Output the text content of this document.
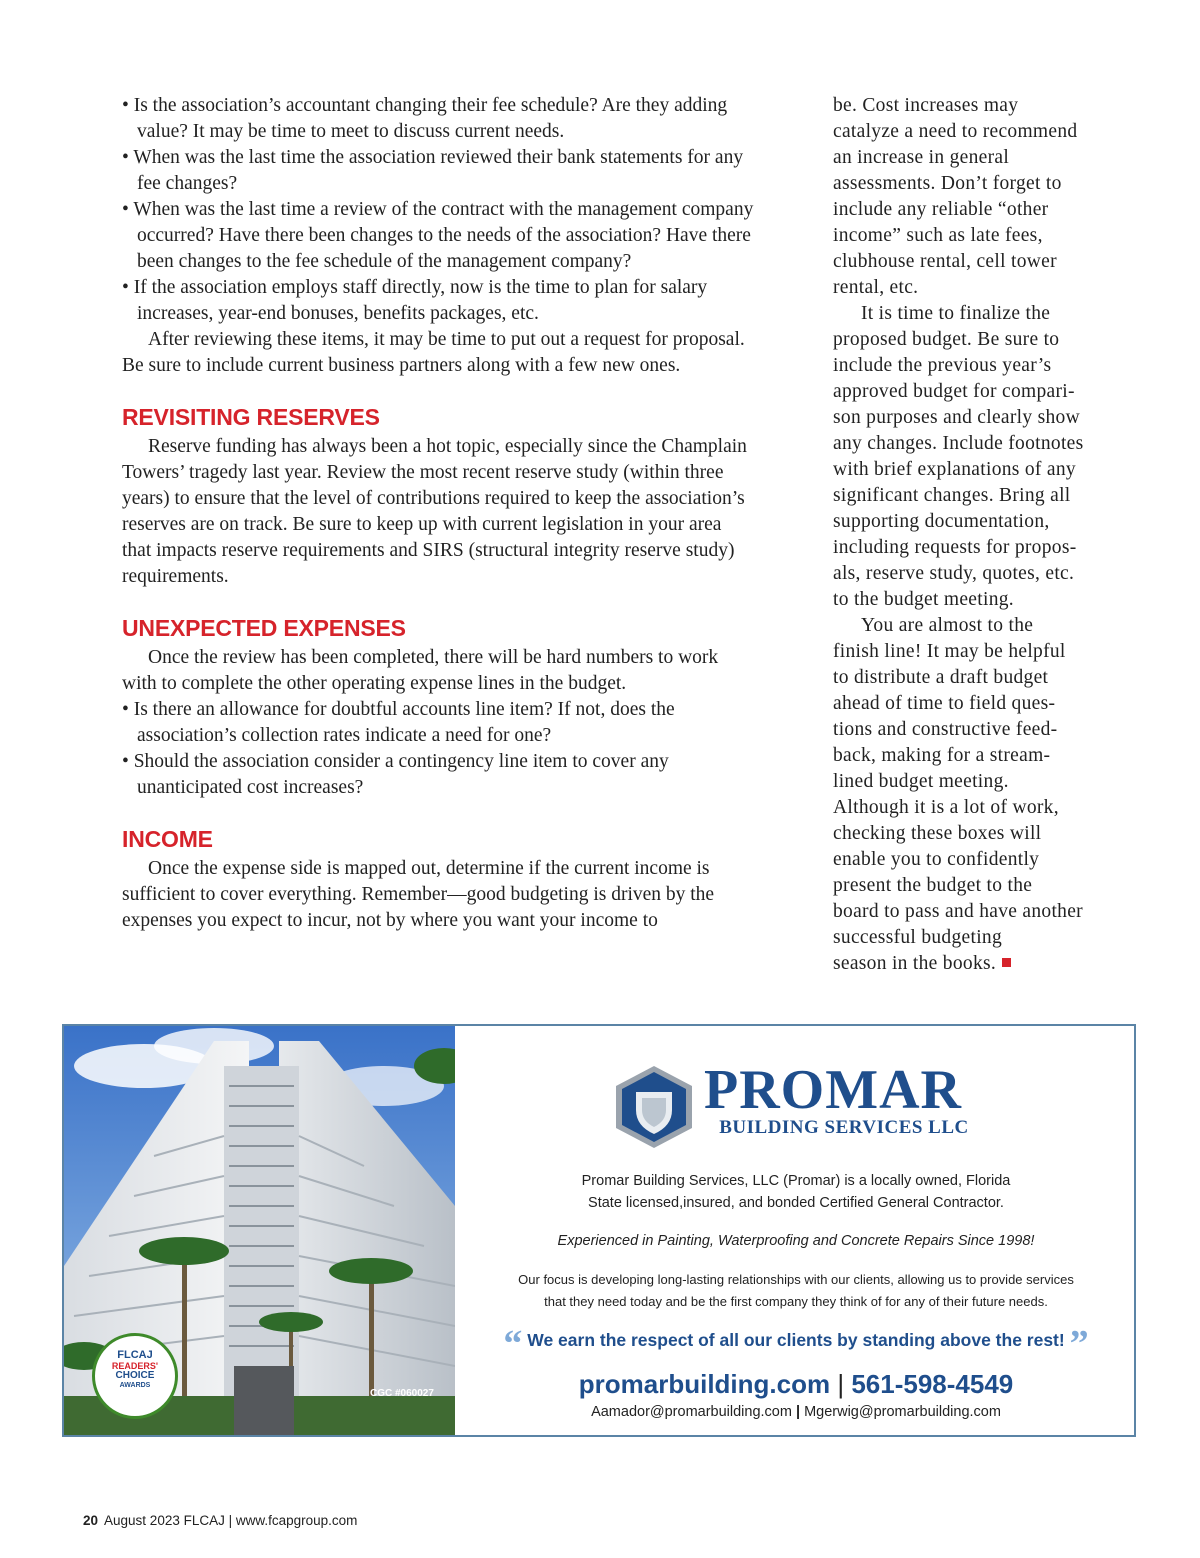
• Is the association’s accountant changing their fee schedule? Are they adding value? It may be time to meet to discuss current needs.

• When was the last time the association reviewed their bank statements for any fee changes?

• When was the last time a review of the contract with the management company occurred? Have there been changes to the needs of the association? Have there been changes to the fee schedule of the management company?

• If the association employs staff directly, now is the time to plan for salary increases, year-end bonuses, benefits packages, etc.

After reviewing these items, it may be time to put out a request for proposal. Be sure to include current business partners along with a few new ones.

REVISITING RESERVES

Reserve funding has always been a hot topic, especially since the Champlain Towers’ tragedy last year. Review the most recent reserve study (within three years) to ensure that the level of contributions required to keep the association’s reserves are on track. Be sure to keep up with current legislation in your area that impacts reserve requirements and SIRS (structural integrity reserve study) requirements.

UNEXPECTED EXPENSES

Once the review has been completed, there will be hard numbers to work with to complete the other operating expense lines in the budget.

• Is there an allowance for doubtful accounts line item? If not, does the association’s collection rates indicate a need for one?

• Should the association consider a contingency line item to cover any unanticipated cost increases?

INCOME

Once the expense side is mapped out, determine if the current income is sufficient to cover everything. Remember—good budgeting is driven by the expenses you expect to incur, not by where you want your income to

be. Cost increases may
catalyze a need to recommend
an increase in general
assessments. Don’t forget to
include any reliable “other
income” such as late fees,
clubhouse rental, cell tower
rental, etc.
It is time to finalize the
proposed budget. Be sure to
include the previous year’s
approved budget for compari-
son purposes and clearly show
any changes. Include footnotes
with brief explanations of any
significant changes. Bring all
supporting documentation,
including requests for propos-
als, reserve study, quotes, etc.
to the budget meeting.
You are almost to the
finish line! It may be helpful
to distribute a draft budget
ahead of time to field ques-
tions and constructive feed-
back, making for a stream-
lined budget meeting.
Although it is a lot of work,
checking these boxes will
enable you to confidently
present the budget to the
board to pass and have another
successful budgeting
season in the books.
FLCAJ
READERS'
CHOICE
AWARDS
CGC #060027
PROMAR
BUILDING SERVICES LLC
Promar Building Services, LLC (Promar) is a locally owned, Florida
State licensed,insured, and bonded Certified General Contractor.
Experienced in Painting, Waterproofing and Concrete Repairs Since 1998!
Our focus is developing long-lasting relationships with our clients, allowing us to provide services
that they need today and be the first company they think of for any of their future needs.
“ We earn the respect of all our clients by standing above the rest! ”
promarbuilding.com | 561-598-4549
Aamador@promarbuilding.com | Mgerwig@promarbuilding.com
20 August 2023 FLCAJ | www.fcapgroup.com
